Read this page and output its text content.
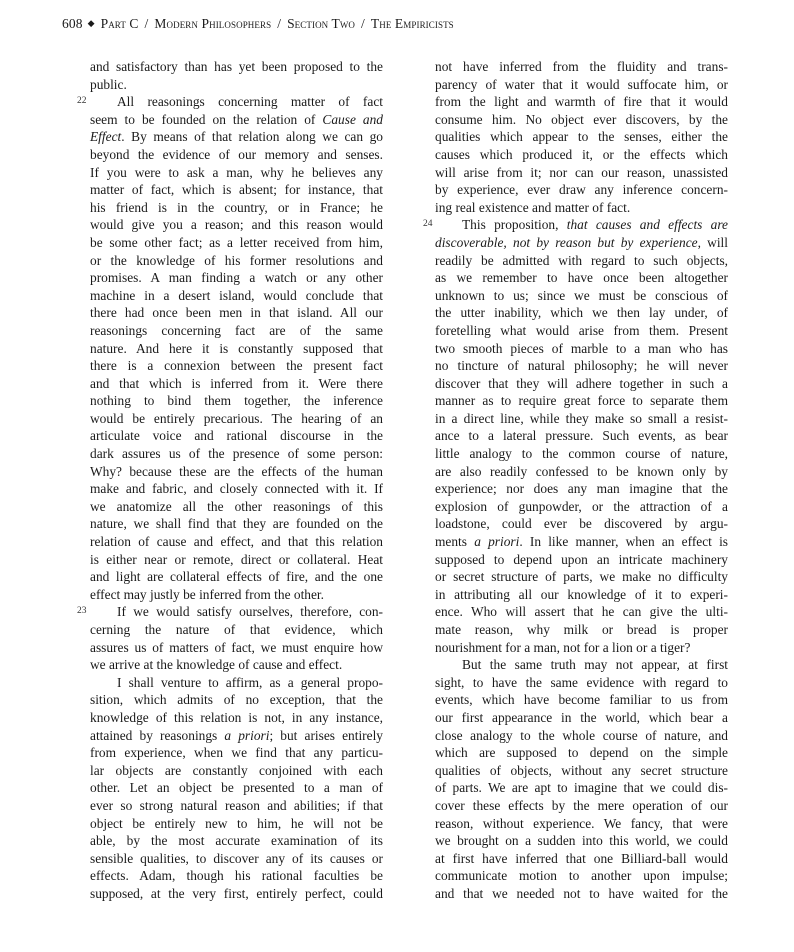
608 ◆ Part C / Modern Philosophers / Section Two / The Empiricists
and satisfactory than has yet been proposed to the
public.
22 All reasonings concerning matter of fact
seem to be founded on the relation of Cause and
Effect. By means of that relation along we can go
beyond the evidence of our memory and senses.
If you were to ask a man, why he believes any
matter of fact, which is absent; for instance, that
his friend is in the country, or in France; he
would give you a reason; and this reason would
be some other fact; as a letter received from him,
or the knowledge of his former resolutions and
promises. A man finding a watch or any other
machine in a desert island, would conclude that
there had once been men in that island. All our
reasonings concerning fact are of the same
nature. And here it is constantly supposed that
there is a connexion between the present fact
and that which is inferred from it. Were there
nothing to bind them together, the inference
would be entirely precarious. The hearing of an
articulate voice and rational discourse in the
dark assures us of the presence of some person:
Why? because these are the effects of the human
make and fabric, and closely connected with it. If
we anatomize all the other reasonings of this
nature, we shall find that they are founded on the
relation of cause and effect, and that this relation
is either near or remote, direct or collateral. Heat
and light are collateral effects of fire, and the one
effect may justly be inferred from the other.
23 If we would satisfy ourselves, therefore, con-
cerning the nature of that evidence, which
assures us of matters of fact, we must enquire how
we arrive at the knowledge of cause and effect.
I shall venture to affirm, as a general propo-
sition, which admits of no exception, that the
knowledge of this relation is not, in any instance,
attained by reasonings a priori; but arises entirely
from experience, when we find that any particu-
lar objects are constantly conjoined with each
other. Let an object be presented to a man of
ever so strong natural reason and abilities; if that
object be entirely new to him, he will not be
able, by the most accurate examination of its
sensible qualities, to discover any of its causes or
effects. Adam, though his rational faculties be
supposed, at the very first, entirely perfect, could
not have inferred from the fluidity and trans-
parency of water that it would suffocate him, or
from the light and warmth of fire that it would
consume him. No object ever discovers, by the
qualities which appear to the senses, either the
causes which produced it, or the effects which
will arise from it; nor can our reason, unassisted
by experience, ever draw any inference concern-
ing real existence and matter of fact.
24 This proposition, that causes and effects are
discoverable, not by reason but by experience, will
readily be admitted with regard to such objects,
as we remember to have once been altogether
unknown to us; since we must be conscious of
the utter inability, which we then lay under, of
foretelling what would arise from them. Present
two smooth pieces of marble to a man who has
no tincture of natural philosophy; he will never
discover that they will adhere together in such a
manner as to require great force to separate them
in a direct line, while they make so small a resist-
ance to a lateral pressure. Such events, as bear
little analogy to the common course of nature,
are also readily confessed to be known only by
experience; nor does any man imagine that the
explosion of gunpowder, or the attraction of a
loadstone, could ever be discovered by argu-
ments a priori. In like manner, when an effect is
supposed to depend upon an intricate machinery
or secret structure of parts, we make no difficulty
in attributing all our knowledge of it to experi-
ence. Who will assert that he can give the ulti-
mate reason, why milk or bread is proper
nourishment for a man, not for a lion or a tiger?
But the same truth may not appear, at first
sight, to have the same evidence with regard to
events, which have become familiar to us from
our first appearance in the world, which bear a
close analogy to the whole course of nature, and
which are supposed to depend on the simple
qualities of objects, without any secret structure
of parts. We are apt to imagine that we could dis-
cover these effects by the mere operation of our
reason, without experience. We fancy, that were
we brought on a sudden into this world, we could
at first have inferred that one Billiard-ball would
communicate motion to another upon impulse;
and that we needed not to have waited for the
